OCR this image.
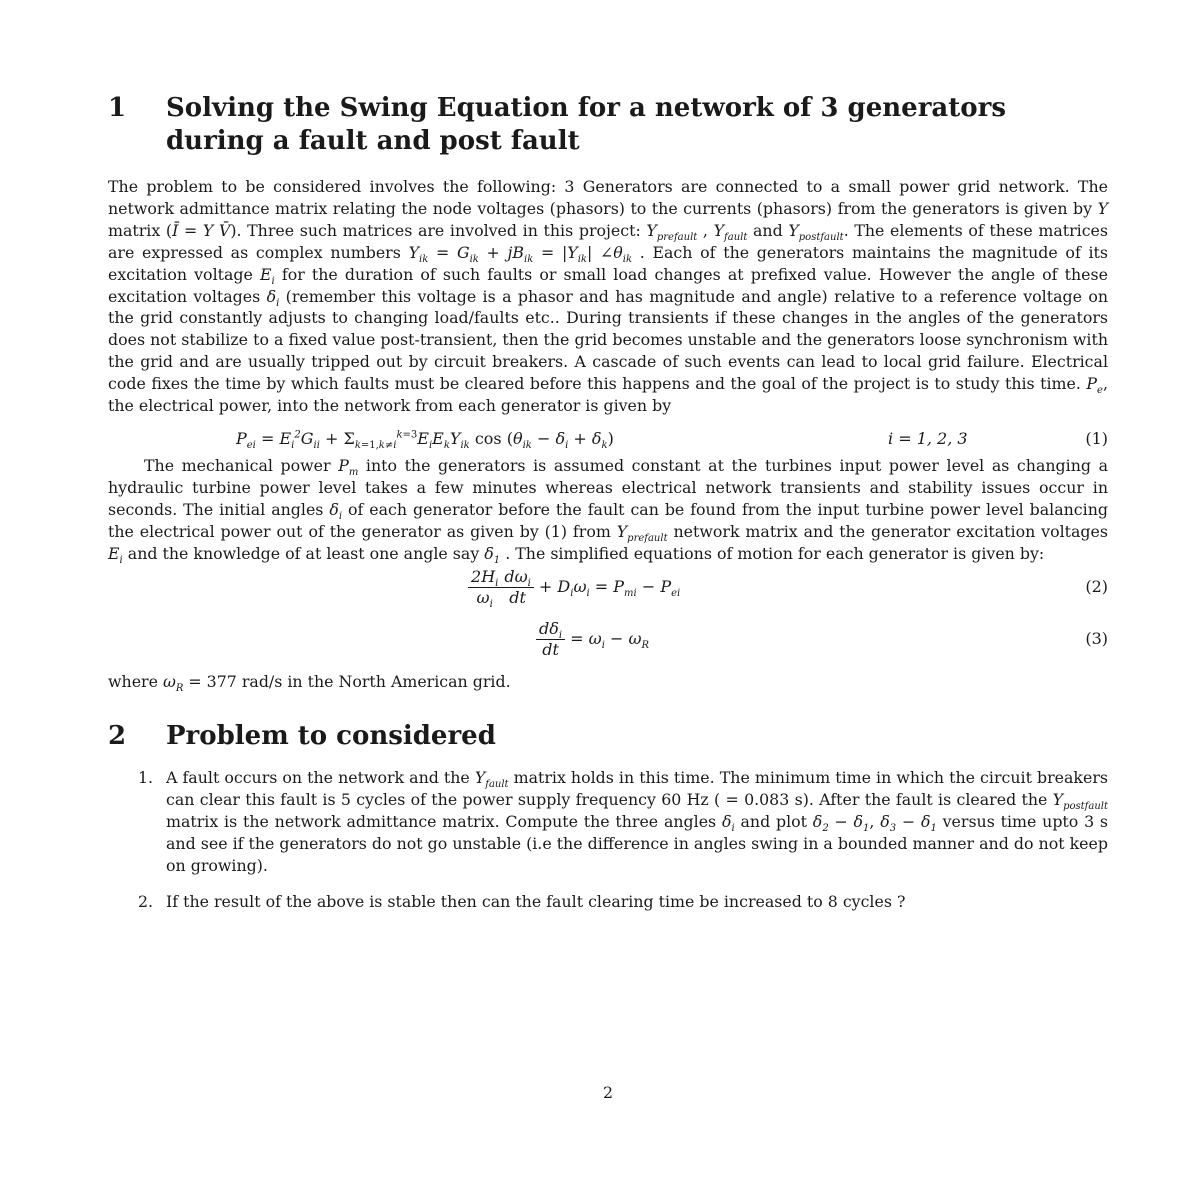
1	Solving the Swing Equation for a network of 3 generators during a fault and post fault

The problem to be considered involves the following: 3 Generators are connected to a small power grid network. The network admittance matrix relating the node voltages (phasors) to the currents (phasors) from the generators is given by Y matrix (Ī = Y V̄). Three such matrices are involved in this project: $Y_{prefault}$ , $Y_{fault}$ and $Y_{postfault}$. The elements of these matrices are expressed as complex numbers $Y_{ik} = G_{ik} + jB_{ik} = |Y_{ik}|$ $\angle\theta_{ik}$ . Each of the generators maintains the magnitude of its excitation voltage $E_i$ for the duration of such faults or small load changes at prefixed value. However the angle of these excitation voltages $\delta_i$ (remember this voltage is a phasor and has magnitude and angle) relative to a reference voltage on the grid constantly adjusts to changing load/faults etc.. During transients if these changes in the angles of the generators does not stabilize to a fixed value post-transient, then the grid becomes unstable and the generators loose synchronism with the grid and are usually tripped out by circuit breakers. A cascade of such events can lead to local grid failure. Electrical code fixes the time by which faults must be cleared before this happens and the goal of the project is to study this time. $P_e$, the electrical power, into the network from each generator is given by

$P_{ei} = E_i^2G_{ii} + \Sigma_{k=1,k\ne i}^{k=3}E_iE_kY_{ik}$ $\cos (\theta_{ik} - \delta_i + \delta_k)$	i = 1, 2, 3	(1)

The mechanical power $P_m$ into the generators is assumed constant at the turbines input power level as changing a hydraulic turbine power level takes a few minutes whereas electrical network transients and stability issues occur in seconds. The initial angles $\delta_i$ of each generator before the fault can be found from the input turbine power level balancing the electrical power out of the generator as given by (1) from $Y_{prefault}$ network matrix and the generator excitation voltages $E_i$ and the knowledge of at least one angle say $\delta_1$ . The simplified equations of motion for each generator is given by:

$\frac{2H_i}{\omega_i} \frac{d\omega_i}{dt} + D_i\omega_i = P_{mi} - P_{ei}$	(2)
$\frac{d\delta_i}{dt} = \omega_i - \omega_R$	(3)

where $\omega_R = 377$ rad/s in the North American grid.

2	Problem to considered
1. A fault occurs on the network and the $Y_{fault}$ matrix holds in this time. The minimum time in which the circuit breakers can clear this fault is 5 cycles of the power supply frequency 60 Hz ( = 0.083 s). After the fault is cleared the $Y_{postfault}$ matrix is the network admittance matrix. Compute the three angles $\delta_i$ and plot $\delta_2 - \delta_1$, $\delta_3 - \delta_1$ versus time upto 3 s and see if the generators do not go unstable (i.e the difference in angles swing in a bounded manner and do not keep on growing).
2. If the result of the above is stable then can the fault clearing time be increased to 8 cycles ?
2
